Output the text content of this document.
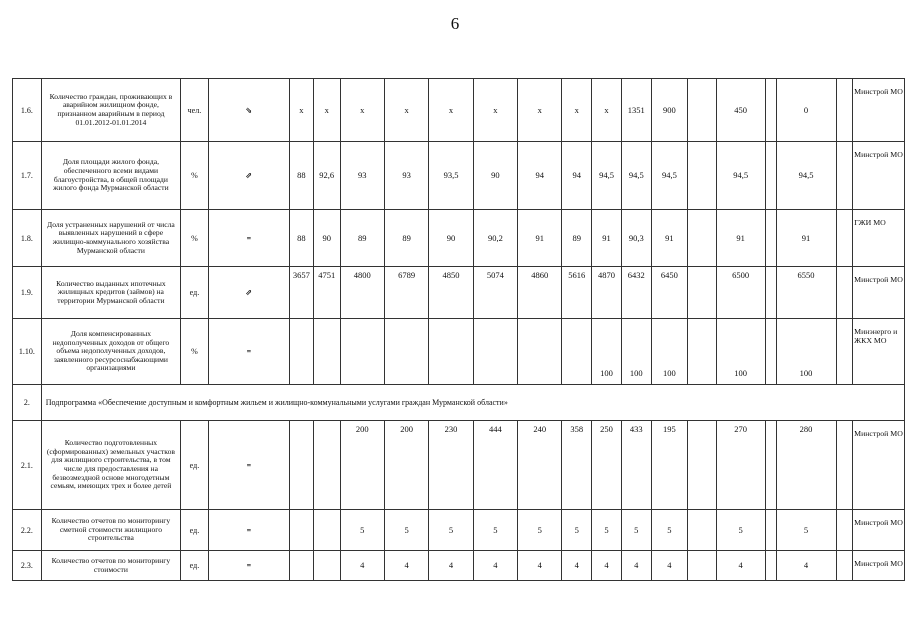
6
1.6.	Количество граждан, проживающих в аварийном жилищном фонде, признанном аварийным в период 01.01.2012-01.01.2014	чел.	⇘	х	х	х	х	х	х	х	х	х	1351	900		450		0		Минстрой МО
1.7.	Доля площади жилого фонда, обеспеченного всеми видами благоустройства, в общей площади жилого фонда Мурманской области	%	⇗	88	92,6	93	93	93,5	90	94	94	94,5	94,5	94,5		94,5		94,5		Минстрой МО
1.8.	Доля устраненных нарушений от числа выявленных нарушений в сфере жилищно-коммунального хозяйства Мурманской области	%	=	88	90	89	89	90	90,2	91	89	91	90,3	91		91		91		ГЖИ МО
1.9.	Количество выданных ипотечных жилищных кредитов (займов) на территории Мурманской области	ед.	⇗	3657	4751	4800	6789	4850	5074	4860	5616	4870	6432	6450		6500		6550		Минстрой МО
1.10.	Доля компенсированных недополученных доходов от общего объема недополученных доходов, заявленного ресурсоснабжающими организациями	%	=									100	100	100		100		100		Минэнерго и ЖКХ МО
2.	Подпрограмма «Обеспечение доступным и комфортным жильем и жилищно-коммунальными услугами граждан Мурманской области»																			
2.1.	Количество подготовленных (сформированных) земельных участков для жилищного строительства, в том числе для предоставления на безвозмездной основе многодетным семьям, имеющих трех и более детей	ед.	=			200	200	230	444	240	358	250	433	195		270		280		Минстрой МО
2.2.	Количество отчетов по мониторингу сметной стоимости жилищного строительства	ед.	=			5	5	5	5	5	5	5	5	5		5		5		Минстрой МО
2.3.	Количество отчетов по мониторингу стоимости	ед.	=			4	4	4	4	4	4	4	4	4		4		4		Минстрой МО
